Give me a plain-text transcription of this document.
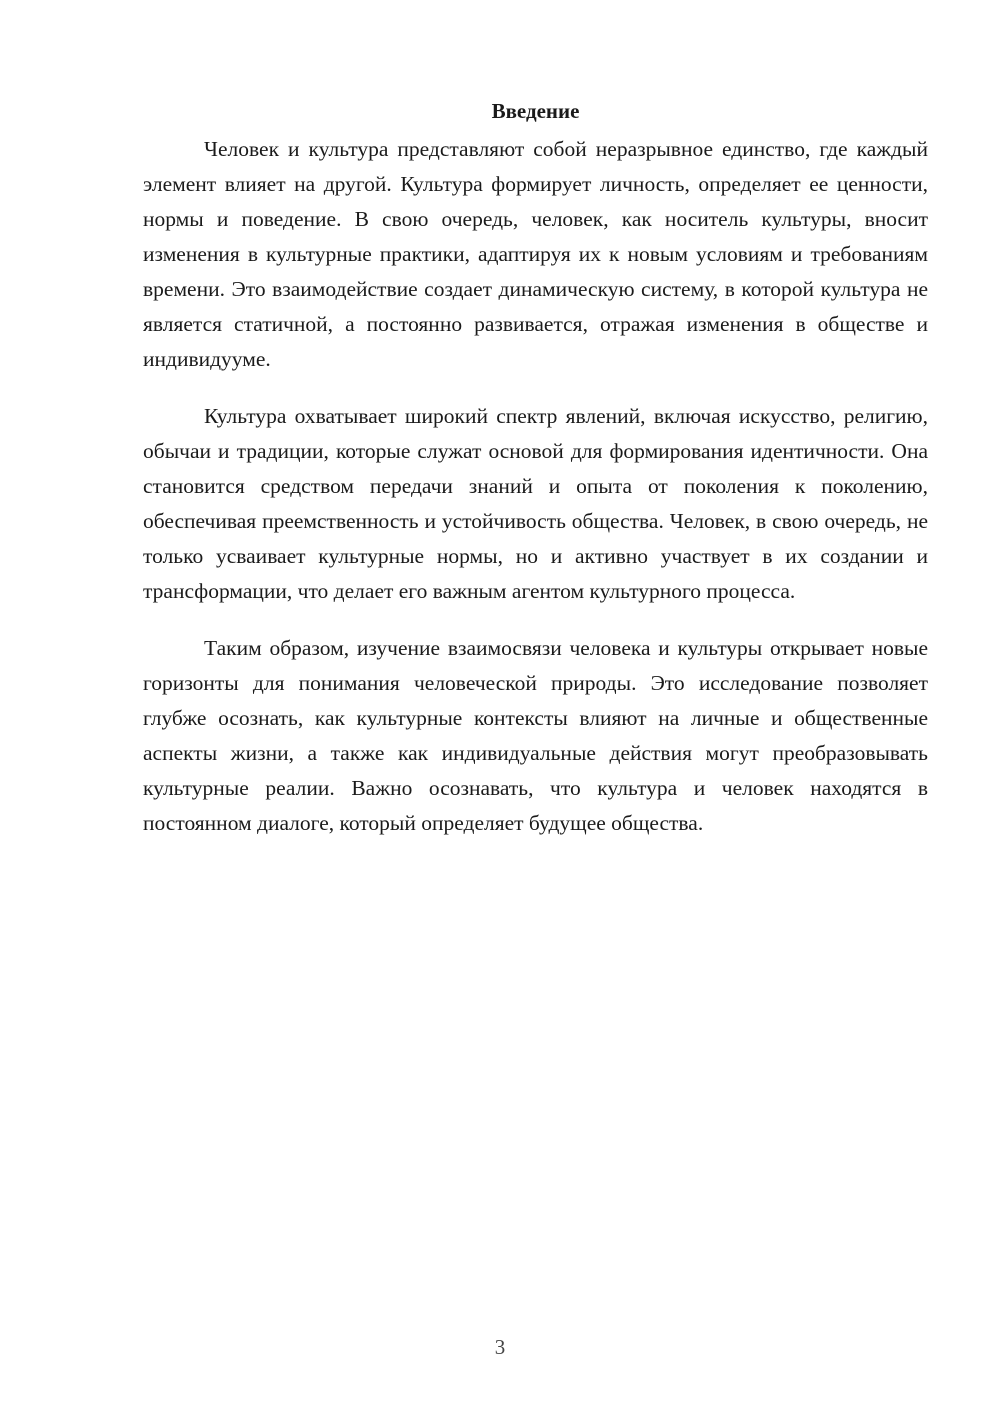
Введение

Человек и культура представляют собой неразрывное единство, где каждый элемент влияет на другой. Культура формирует личность, определяет ее ценности, нормы и поведение. В свою очередь, человек, как носитель культуры, вносит изменения в культурные практики, адаптируя их к новым условиям и требованиям времени. Это взаимодействие создает динамическую систему, в которой культура не является статичной, а постоянно развивается, отражая изменения в обществе и индивидууме.

Культура охватывает широкий спектр явлений, включая искусство, религию, обычаи и традиции, которые служат основой для формирования идентичности. Она становится средством передачи знаний и опыта от поколения к поколению, обеспечивая преемственность и устойчивость общества. Человек, в свою очередь, не только усваивает культурные нормы, но и активно участвует в их создании и трансформации, что делает его важным агентом культурного процесса.

Таким образом, изучение взаимосвязи человека и культуры открывает новые горизонты для понимания человеческой природы. Это исследование позволяет глубже осознать, как культурные контексты влияют на личные и общественные аспекты жизни, а также как индивидуальные действия могут преобразовывать культурные реалии. Важно осознавать, что культура и человек находятся в постоянном диалоге, который определяет будущее общества.

3
